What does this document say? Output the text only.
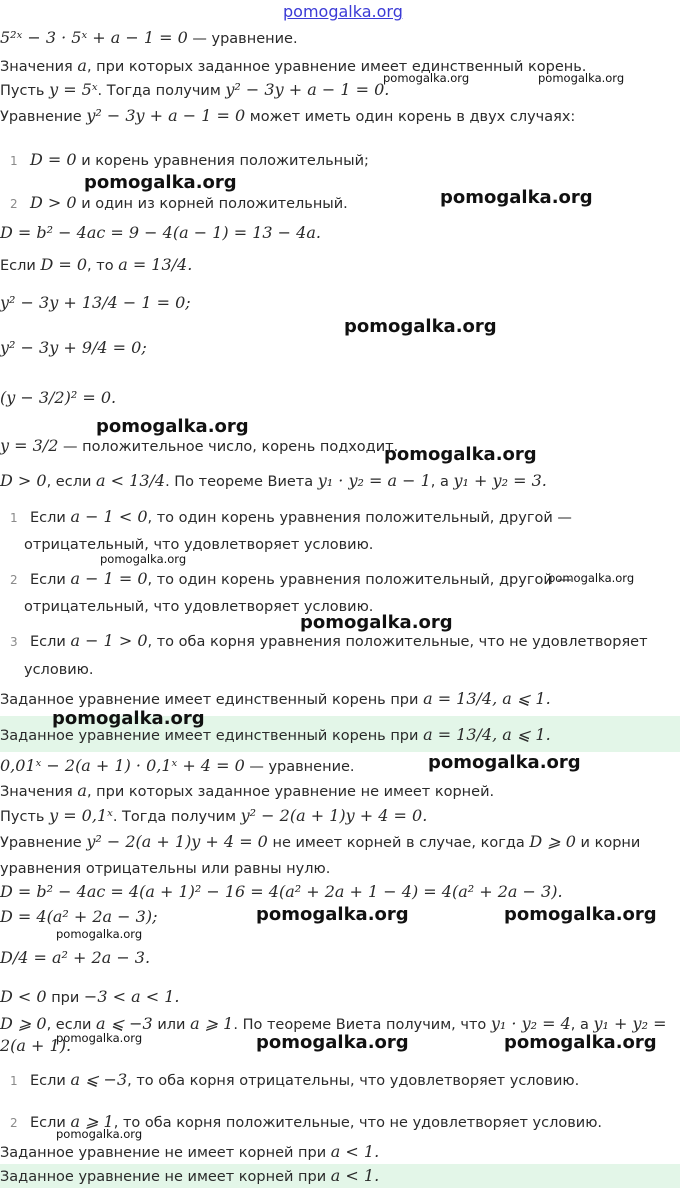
5²ˣ − 3 · 5ˣ + a − 1 = 0 — уравнение.
Значения a, при которых заданное уравнение имеет единственный корень.
Пусть y = 5ˣ. Тогда получим y² − 3y + a − 1 = 0.
Уравнение y² − 3y + a − 1 = 0 может иметь один корень в двух случаях:
1 D = 0 и корень уравнения положительный;
2 D > 0 и один из корней положительный.
D = b² − 4ac = 9 − 4(a − 1) = 13 − 4a.
Если D = 0, то a = 13/4.
y² − 3y + 13/4 − 1 = 0;
y² − 3y + 9/4 = 0;
(y − 3/2)² = 0.
y = 3/2 — положительное число, корень подходит.
D > 0, если a < 13/4. По теореме Виета y₁ · y₂ = a − 1, а y₁ + y₂ = 3.
1 Если a − 1 < 0, то один корень уравнения положительный, другой —
отрицательный, что удовлетворяет условию.
2 Если a − 1 = 0, то один корень уравнения положительный, другой —
отрицательный, что удовлетворяет условию.
3 Если a − 1 > 0, то оба корня уравнения положительные, что не удовлетворяет
условию.
Заданное уравнение имеет единственный корень при a = 13/4, a ⩽ 1.
Заданное уравнение имеет единственный корень при a = 13/4, a ⩽ 1.
0,01ˣ − 2(a + 1) · 0,1ˣ + 4 = 0 — уравнение.
Значения a, при которых заданное уравнение не имеет корней.
Пусть y = 0,1ˣ. Тогда получим y² − 2(a + 1)y + 4 = 0.
Уравнение y² − 2(a + 1)y + 4 = 0 не имеет корней в случае, когда D ⩾ 0 и корни
уравнения отрицательны или равны нулю.
D = b² − 4ac = 4(a + 1)² − 16 = 4(a² + 2a + 1 − 4) = 4(a² + 2a − 3).
D = 4(a² + 2a − 3);
D/4 = a² + 2a − 3.
D < 0 при −3 < a < 1.
D ⩾ 0, если a ⩽ −3 или a ⩾ 1. По теореме Виета получим, что y₁ · y₂ = 4, а y₁ + y₂ =
2(a + 1).
1 Если a ⩽ −3, то оба корня отрицательны, что удовлетворяет условию.
2 Если a ⩾ 1, то оба корня положительные, что не удовлетворяет условию.
Заданное уравнение не имеет корней при a < 1.
Заданное уравнение не имеет корней при a < 1.
pomogalka.org
pomogalka.org	pomogalka.org
pomogalka.org
pomogalka.org
pomogalka.org
pomogalka.org
pomogalka.org
pomogalka.org
pomogalka.org
pomogalka.org
pomogalka.org
pomogalka.org
pomogalka.org	pomogalka.org
pomogalka.org
pomogalka.org	pomogalka.org	pomogalka.org
pomogalka.org
